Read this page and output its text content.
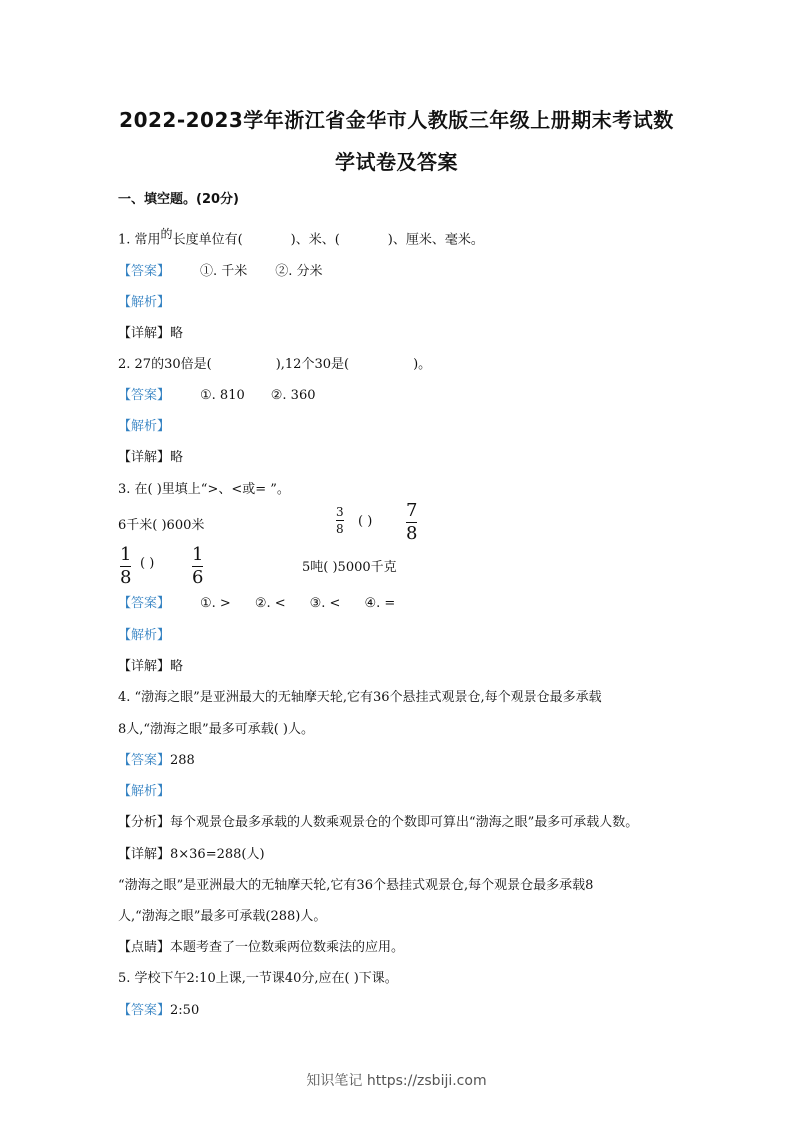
2022-2023学年浙江省金华市人教版三年级上册期末考试数
学试卷及答案
一、填空题。(20分)
1. 常用$^的$长度单位有(	)、米、(	)、厘米、毫米。
【答案】 ①. 千米 ②. 分米
【解析】
【详解】略
2. 27的30倍是(	),12个30是(	)。
【答案】 ①. 810 ②. 360
【解析】
【详解】略
3. 在( )里填上“>、<或= ”。
6千米( )600米
3
8 ( )
7
8
1
8
( ) 1
6	5吨( )5000千克
【答案】 ①. > ②. < ③. < ④. =
【解析】
【详解】略
4. “渤海之眼”是亚洲最大的无轴摩天轮,它有36个悬挂式观景仓,每个观景仓最多承载
8人,“渤海之眼”最多可承载( )人。
【答案】288
【解析】
【分析】每个观景仓最多承载的人数乘观景仓的个数即可算出“渤海之眼”最多可承载人数。
【详解】8×36=288(人)
“渤海之眼”是亚洲最大的无轴摩天轮,它有36个悬挂式观景仓,每个观景仓最多承载8
人,“渤海之眼”最多可承载(288)人。
【点睛】本题考查了一位数乘两位数乘法的应用。
5. 学校下午2:10上课,一节课40分,应在( )下课。
【答案】2:50
知识笔记 https://zsbiji.com
